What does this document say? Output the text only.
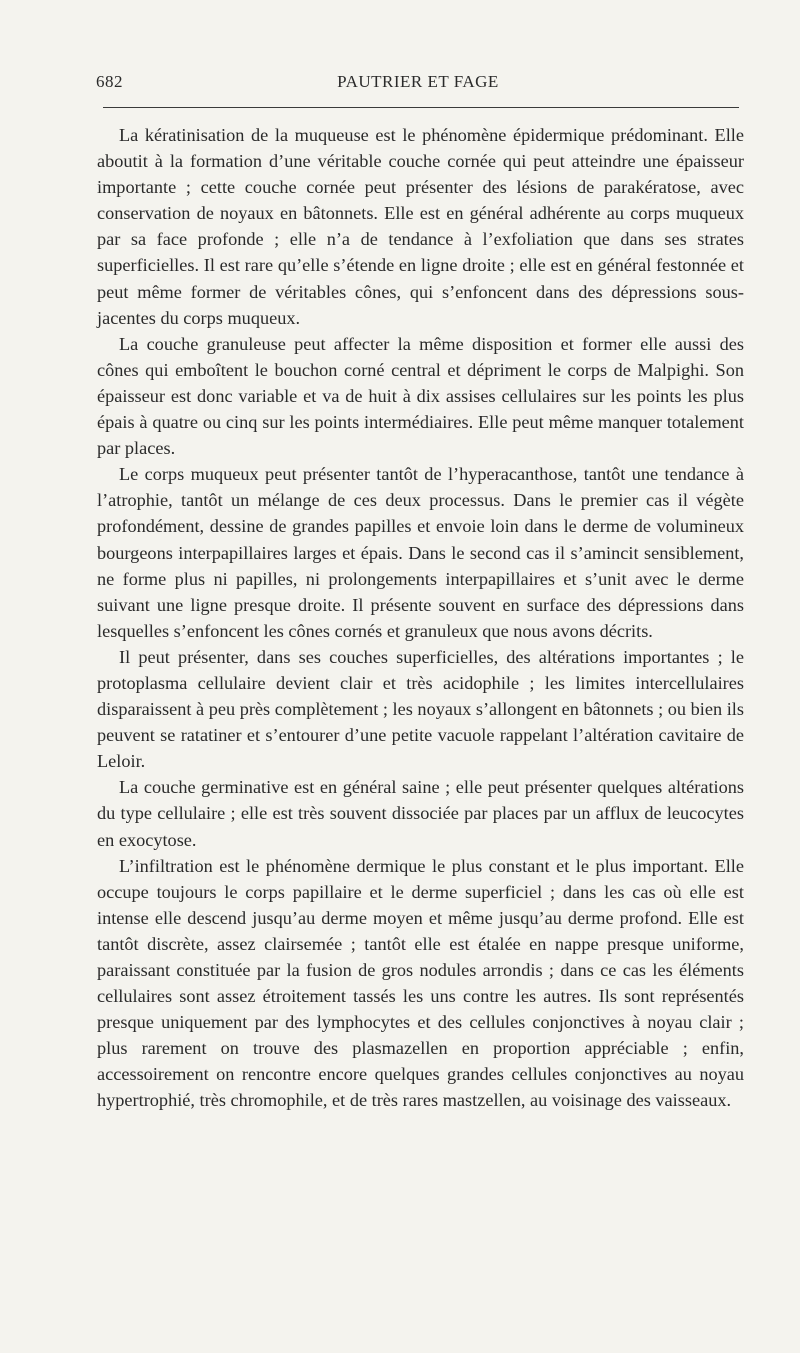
682	PAUTRIER ET FAGE

La kératinisation de la muqueuse est le phénomène épidermique prédominant. Elle aboutit à la formation d’une véritable couche cornée qui peut atteindre une épaisseur importante ; cette couche cornée peut présenter des lésions de parakératose, avec conservation de noyaux en bâtonnets. Elle est en général adhérente au corps muqueux par sa face profonde ; elle n’a de tendance à l’exfoliation que dans ses strates superficielles. Il est rare qu’elle s’étende en ligne droite ; elle est en général festonnée et peut même former de véritables cônes, qui s’enfoncent dans des dépressions sous-jacentes du corps muqueux.

La couche granuleuse peut affecter la même disposition et former elle aussi des cônes qui emboîtent le bouchon corné central et dépriment le corps de Malpighi. Son épaisseur est donc variable et va de huit à dix assises cellulaires sur les points les plus épais à quatre ou cinq sur les points intermédiaires. Elle peut même manquer totalement par places.

Le corps muqueux peut présenter tantôt de l’hyperacanthose, tantôt une tendance à l’atrophie, tantôt un mélange de ces deux processus. Dans le premier cas il végète profondément, dessine de grandes papilles et envoie loin dans le derme de volumineux bourgeons interpapillaires larges et épais. Dans le second cas il s’amincit sensiblement, ne forme plus ni papilles, ni prolongements interpapillaires et s’unit avec le derme suivant une ligne presque droite. Il présente souvent en surface des dépressions dans lesquelles s’enfoncent les cônes cornés et granuleux que nous avons décrits.

Il peut présenter, dans ses couches superficielles, des altérations importantes ; le protoplasma cellulaire devient clair et très acidophile ; les limites intercellulaires disparaissent à peu près complètement ; les noyaux s’allongent en bâtonnets ; ou bien ils peuvent se ratatiner et s’entourer d’une petite vacuole rappelant l’altération cavitaire de Leloir.

La couche germinative est en général saine ; elle peut présenter quelques altérations du type cellulaire ; elle est très souvent dissociée par places par un afflux de leucocytes en exocytose.

L’infiltration est le phénomène dermique le plus constant et le plus important. Elle occupe toujours le corps papillaire et le derme superficiel ; dans les cas où elle est intense elle descend jusqu’au derme moyen et même jusqu’au derme profond. Elle est tantôt discrète, assez clairsemée ; tantôt elle est étalée en nappe presque uniforme, paraissant constituée par la fusion de gros nodules arrondis ; dans ce cas les éléments cellulaires sont assez étroitement tassés les uns contre les autres. Ils sont représentés presque uniquement par des lymphocytes et des cellules conjonctives à noyau clair ; plus rarement on trouve des plasmazellen en proportion appréciable ; enfin, accessoirement on rencontre encore quelques grandes cellules conjonctives au noyau hypertrophié, très chromophile, et de très rares mastzellen, au voisinage des vaisseaux.
